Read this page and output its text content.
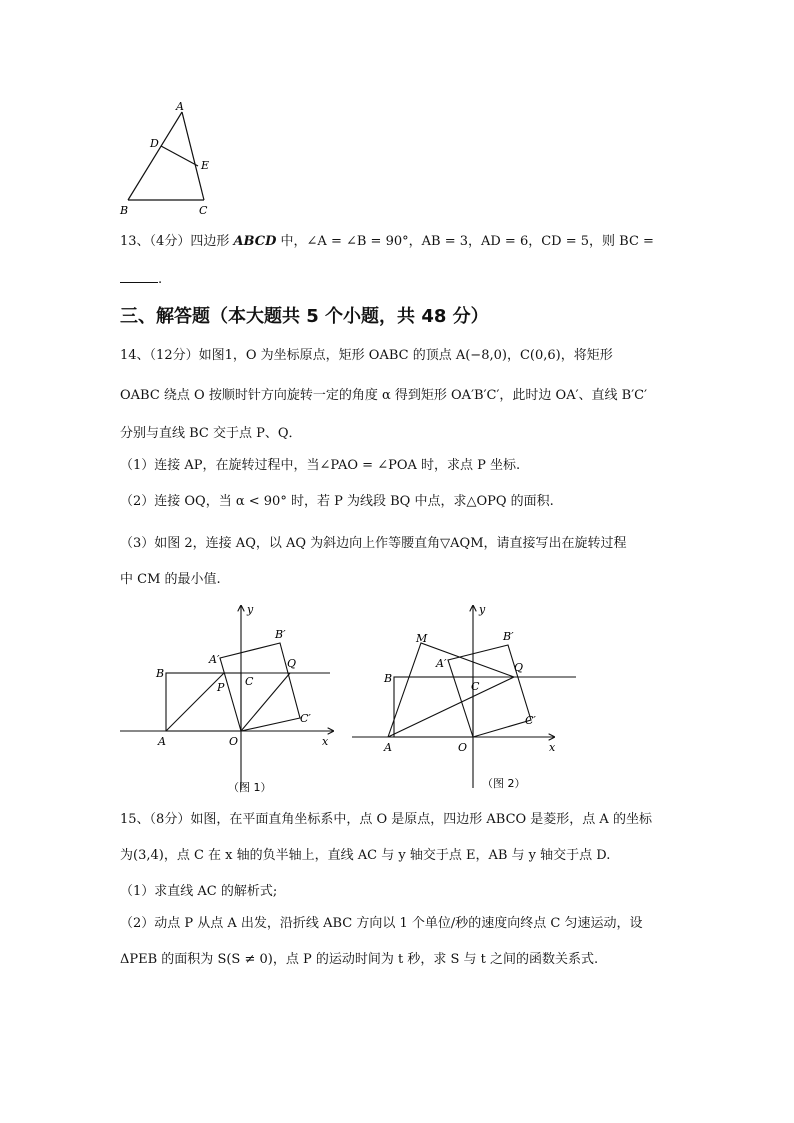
A
D
E
B	C
13、（4分）四边形 ABCD 中，∠A = ∠B = 90°，AB = 3，AD = 6，CD = 5，则 BC =
.
三、解答题（本大题共 5 个小题，共 48 分）
14、（12分）如图1，O 为坐标原点，矩形 OABC 的顶点 A(−8,0)，C(0,6)，将矩形
OABC 绕点 O 按顺时针方向旋转一定的角度 α 得到矩形 OA′B′C′，此时边 OA′、直线 B′C′
分别与直线 BC 交于点 P、Q．
（1）连接 AP，在旋转过程中，当∠PAO = ∠POA 时，求点 P 坐标.
（2）连接 OQ，当 α < 90° 时，若 P 为线段 BQ 中点，求△OPQ 的面积.
（3）如图 2，连接 AQ，以 AQ 为斜边向上作等腰直角▽AQM，请直接写出在旋转过程
中 CM 的最小值.
y
B′
A′	Q
B
P C
C′
A	O	x
（图 1）
y
M	B′
A′	Q
B
C
C′
A	O	x
（图 2）
15、（8分）如图，在平面直角坐标系中，点 O 是原点，四边形 ABCO 是菱形，点 A 的坐标
为(3,4)，点 C 在 x 轴的负半轴上，直线 AC 与 y 轴交于点 E，AB 与 y 轴交于点 D.
（1）求直线 AC 的解析式;
（2）动点 P 从点 A 出发，沿折线 ABC 方向以 1 个单位/秒的速度向终点 C 匀速运动，设
ΔPEB 的面积为 S(S ≠ 0)，点 P 的运动时间为 t 秒，求 S 与 t 之间的函数关系式.
